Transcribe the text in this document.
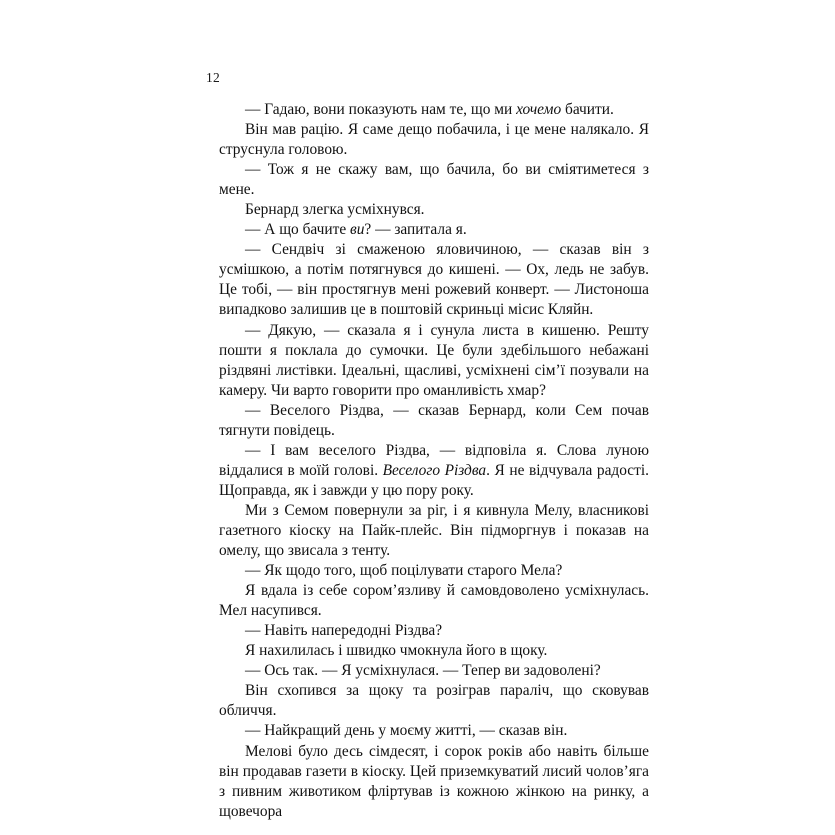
12

— Гадаю, вони показують нам те, що ми хочемо бачити.

Він мав рацію. Я саме дещо побачила, і це мене налякало. Я струснула головою.

— Тож я не скажу вам, що бачила, бо ви сміятиметеся з мене.

Бернард злегка усміхнувся.

— А що бачите ви? — запитала я.

— Сендвіч зі смаженою яловичиною, — сказав він з усмішкою, а потім потягнувся до кишені. — Ох, ледь не забув. Це тобі, — він простягнув мені рожевий конверт. — Листоноша випадково залишив це в поштовій скриньці місис Кляйн.

— Дякую, — сказала я і сунула листа в кишеню. Решту пошти я поклала до сумочки. Це були здебільшого небажані різдвяні листівки. Ідеальні, щасливі, усміхнені сім’ї позували на камеру. Чи варто говорити про оманливість хмар?

— Веселого Різдва, — сказав Бернард, коли Сем почав тягнути повідець.

— І вам веселого Різдва, — відповіла я. Слова луною віддалися в моїй голові. Веселого Різдва. Я не відчувала радості. Щоправда, як і завжди у цю пору року.

Ми з Семом повернули за ріг, і я кивнула Мелу, власникові газетного кіоску на Пайк-плейс. Він підморгнув і показав на омелу, що звисала з тенту.

— Як щодо того, щоб поцілувати старого Мела?

Я вдала із себе сором’язливу й самовдоволено усміхнулась. Мел насупився.

— Навіть напередодні Різдва?

Я нахилилась і швидко чмокнула його в щоку.

— Ось так. — Я усміхнулася. — Тепер ви задоволені?

Він схопився за щоку та розіграв параліч, що сковував обличчя.

— Найкращий день у моєму житті, — сказав він.

Мелові було десь сімдесят, і сорок років або навіть більше він продавав газети в кіоску. Цей приземкуватий лисий чолов’яга з пивним животиком фліртував із кожною жінкою на ринку, а щовечора
